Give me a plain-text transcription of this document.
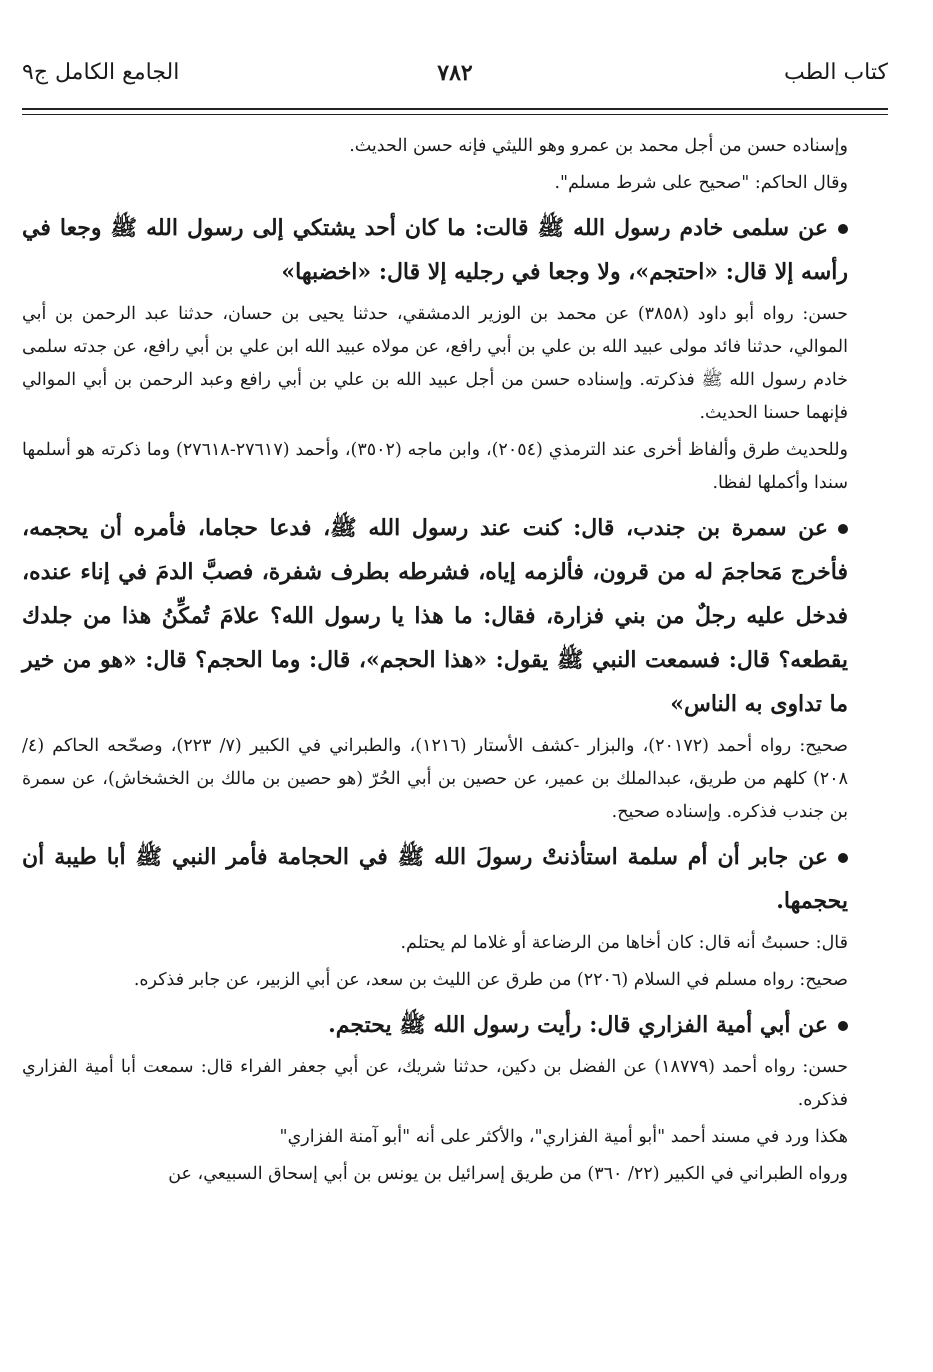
كتاب الطب
٧٨٢
الجامع الكامل ج٩

وإسناده حسن من أجل محمد بن عمرو وهو الليثي فإنه حسن الحديث.

وقال الحاكم: "صحيح على شرط مسلم".

عن سلمى خادم رسول الله ﷺ قالت: ما كان أحد يشتكي إلى رسول الله ﷺ وجعا في رأسه إلا قال: «احتجم»، ولا وجعا في رجليه إلا قال: «اخضبها»

حسن: رواه أبو داود (٣٨٥٨) عن محمد بن الوزير الدمشقي، حدثنا يحيى بن حسان، حدثنا عبد الرحمن بن أبي الموالي، حدثنا فائد مولى عبيد الله بن علي بن أبي رافع، عن مولاه عبيد الله ابن علي بن أبي رافع، عن جدته سلمى خادم رسول الله ﷺ فذكرته. وإسناده حسن من أجل عبيد الله بن علي بن أبي رافع وعبد الرحمن بن أبي الموالي فإنهما حسنا الحديث.

وللحديث طرق وألفاظ أخرى عند الترمذي (٢٠٥٤)، وابن ماجه (٣٥٠٢)، وأحمد (٢٧٦١٧-٢٧٦١٨) وما ذكرته هو أسلمها سندا وأكملها لفظا.

عن سمرة بن جندب، قال: كنت عند رسول الله ﷺ، فدعا حجاما، فأمره أن يحجمه، فأخرج مَحاجمَ له من قرون، فألزمه إياه، فشرطه بطرف شفرة، فصبَّ الدمَ في إناء عنده، فدخل عليه رجلٌ من بني فزارة، فقال: ما هذا يا رسول الله؟ علامَ تُمكِّنُ هذا من جلدك يقطعه؟ قال: فسمعت النبي ﷺ يقول: «هذا الحجم»، قال: وما الحجم؟ قال: «هو من خير ما تداوى به الناس»

صحيح: رواه أحمد (٢٠١٧٢)، والبزار -كشف الأستار (١٢١٦)، والطبراني في الكبير (٧/ ٢٢٣)، وصحّحه الحاكم (٤/ ٢٠٨) كلهم من طريق، عبدالملك بن عمير، عن حصين بن أبي الحُرّ (هو حصين بن مالك بن الخشخاش)، عن سمرة بن جندب فذكره. وإسناده صحيح.

عن جابر أن أم سلمة استأذنتْ رسولَ الله ﷺ في الحجامة فأمر النبي ﷺ أبا طيبة أن يحجمها.

قال: حسبتُ أنه قال: كان أخاها من الرضاعة أو غلاما لم يحتلم.

صحيح: رواه مسلم في السلام (٢٢٠٦) من طرق عن الليث بن سعد، عن أبي الزبير، عن جابر فذكره.

عن أبي أمية الفزاري قال: رأيت رسول الله ﷺ يحتجم.

حسن: رواه أحمد (١٨٧٧٩) عن الفضل بن دكين، حدثنا شريك، عن أبي جعفر الفراء قال: سمعت أبا أمية الفزاري فذكره.

هكذا ورد في مسند أحمد "أبو أمية الفزاري"، والأكثر على أنه "أبو آمنة الفزاري"

ورواه الطبراني في الكبير (٢٢/ ٣٦٠) من طريق إسرائيل بن يونس بن أبي إسحاق السبيعي، عن
